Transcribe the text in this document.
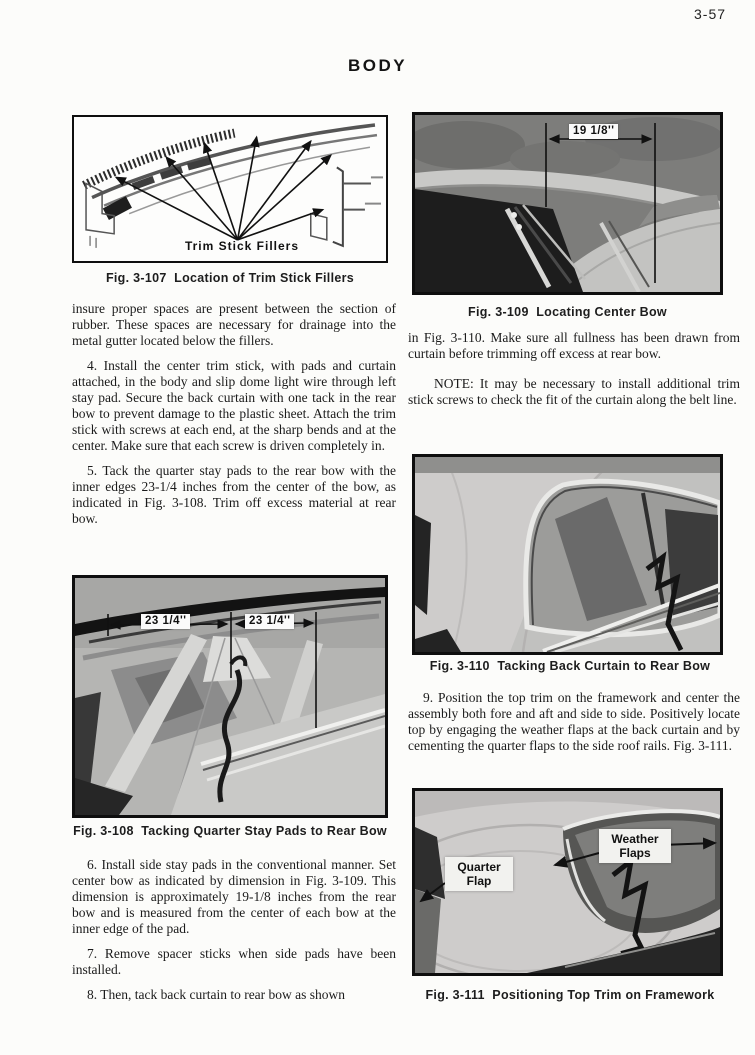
3-57
BODY
Trim Stick Fillers
Fig. 3-107  Location of Trim Stick Fillers

insure proper spaces are present between the section of rubber. These spaces are necessary for drainage into the metal gutter located below the fillers.

4. Install the center trim stick, with pads and curtain attached, in the body and slip dome light wire through left stay pad. Secure the back curtain with one tack in the rear bow to prevent damage to the plastic sheet. Attach the trim stick with screws at each end, at the sharp bends and at the center. Make sure that each screw is driven completely in.

5. Tack the quarter stay pads to the rear bow with the inner edges 23-1/4 inches from the center of the bow, as indicated in Fig. 3-108. Trim off excess material at rear bow.

23 1/4''	23 1/4''
Fig. 3-108  Tacking Quarter Stay Pads to Rear Bow

6. Install side stay pads in the conventional manner. Set center bow as indicated by dimension in Fig. 3-109. This dimension is approximately 19-1/8 inches from the rear bow and is measured from the center of each bow at the inner edge of the pad.

7. Remove spacer sticks when side pads have been installed.

8. Then, tack back curtain to rear bow as shown

19 1/8''
Fig. 3-109  Locating Center Bow

in Fig. 3-110. Make sure all fullness has been drawn from curtain before trimming off excess at rear bow.

NOTE: It may be necessary to install additional trim stick screws to check the fit of the curtain along the belt line.

Fig. 3-110  Tacking Back Curtain to Rear Bow

9. Position the top trim on the framework and center the assembly both fore and aft and side to side. Positively locate top by engaging the weather flaps at the back curtain and by cementing the quarter flaps to the side roof rails. Fig. 3-111.

Quarter Flap
Weather Flaps
Fig. 3-111  Positioning Top Trim on Framework
